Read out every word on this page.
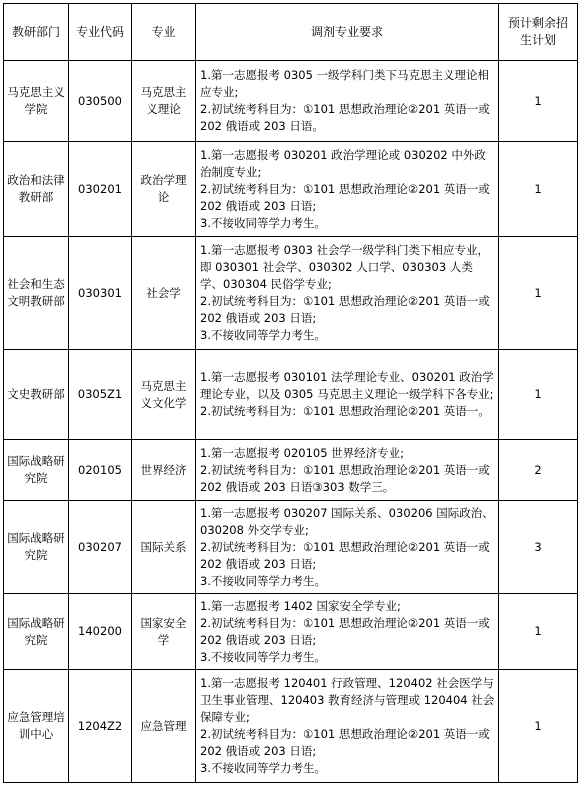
教研部门	专业代码	专业	调剂专业要求	预计剩余招生计划
马克思主义学院	030500	马克思主义理论	1.第一志愿报考 0305 一级学科门类下马克思主义理论相应专业;
2.初试统考科目为：①101 思想政治理论②201 英语一或 202 俄语或 203 日语。	1
政治和法律教研部	030201	政治学理论	1.第一志愿报考 030201 政治学理论或 030202 中外政治制度专业;
2.初试统考科目为：①101 思想政治理论②201 英语一或 202 俄语或 203 日语;
3.不接收同等学力考生。	1
社会和生态文明教研部	030301	社会学	1.第一志愿报考 0303 社会学一级学科门类下相应专业，即 030301 社会学、030302 人口学、030303 人类学、030304 民俗学专业;
2.初试统考科目为：①101 思想政治理论②201 英语一或 202 俄语或 203 日语;
3.不接收同等学力考生。	1
文史教研部	0305Z1	马克思主义文化学	1.第一志愿报考 030101 法学理论专业、030201 政治学理论专业，以及 0305 马克思主义理论一级学科下各专业;
2.初试统考科目为：①101 思想政治理论②201 英语一。	1
国际战略研究院	020105	世界经济	1.第一志愿报考 020105 世界经济专业;
2.初试统考科目为：①101 思想政治理论②201 英语一或 202 俄语或 203 日语③303 数学三。	2
国际战略研究院	030207	国际关系	1.第一志愿报考 030207 国际关系、030206 国际政治、030208 外交学专业;
2.初试统考科目为：①101 思想政治理论②201 英语一或 202 俄语或 203 日语;
3.不接收同等学力考生。	3
国际战略研究院	140200	国家安全学	1.第一志愿报考 1402 国家安全学专业;
2.初试统考科目为：①101 思想政治理论②201 英语一或 202 俄语或 203 日语;
3.不接收同等学力考生。	1
应急管理培训中心	1204Z2	应急管理	1.第一志愿报考 120401 行政管理、120402 社会医学与卫生事业管理、120403 教育经济与管理或 120404 社会保障专业;
2.初试统考科目为：①101 思想政治理论②201 英语一或 202 俄语或 203 日语;
3.不接收同等学力考生。	1
